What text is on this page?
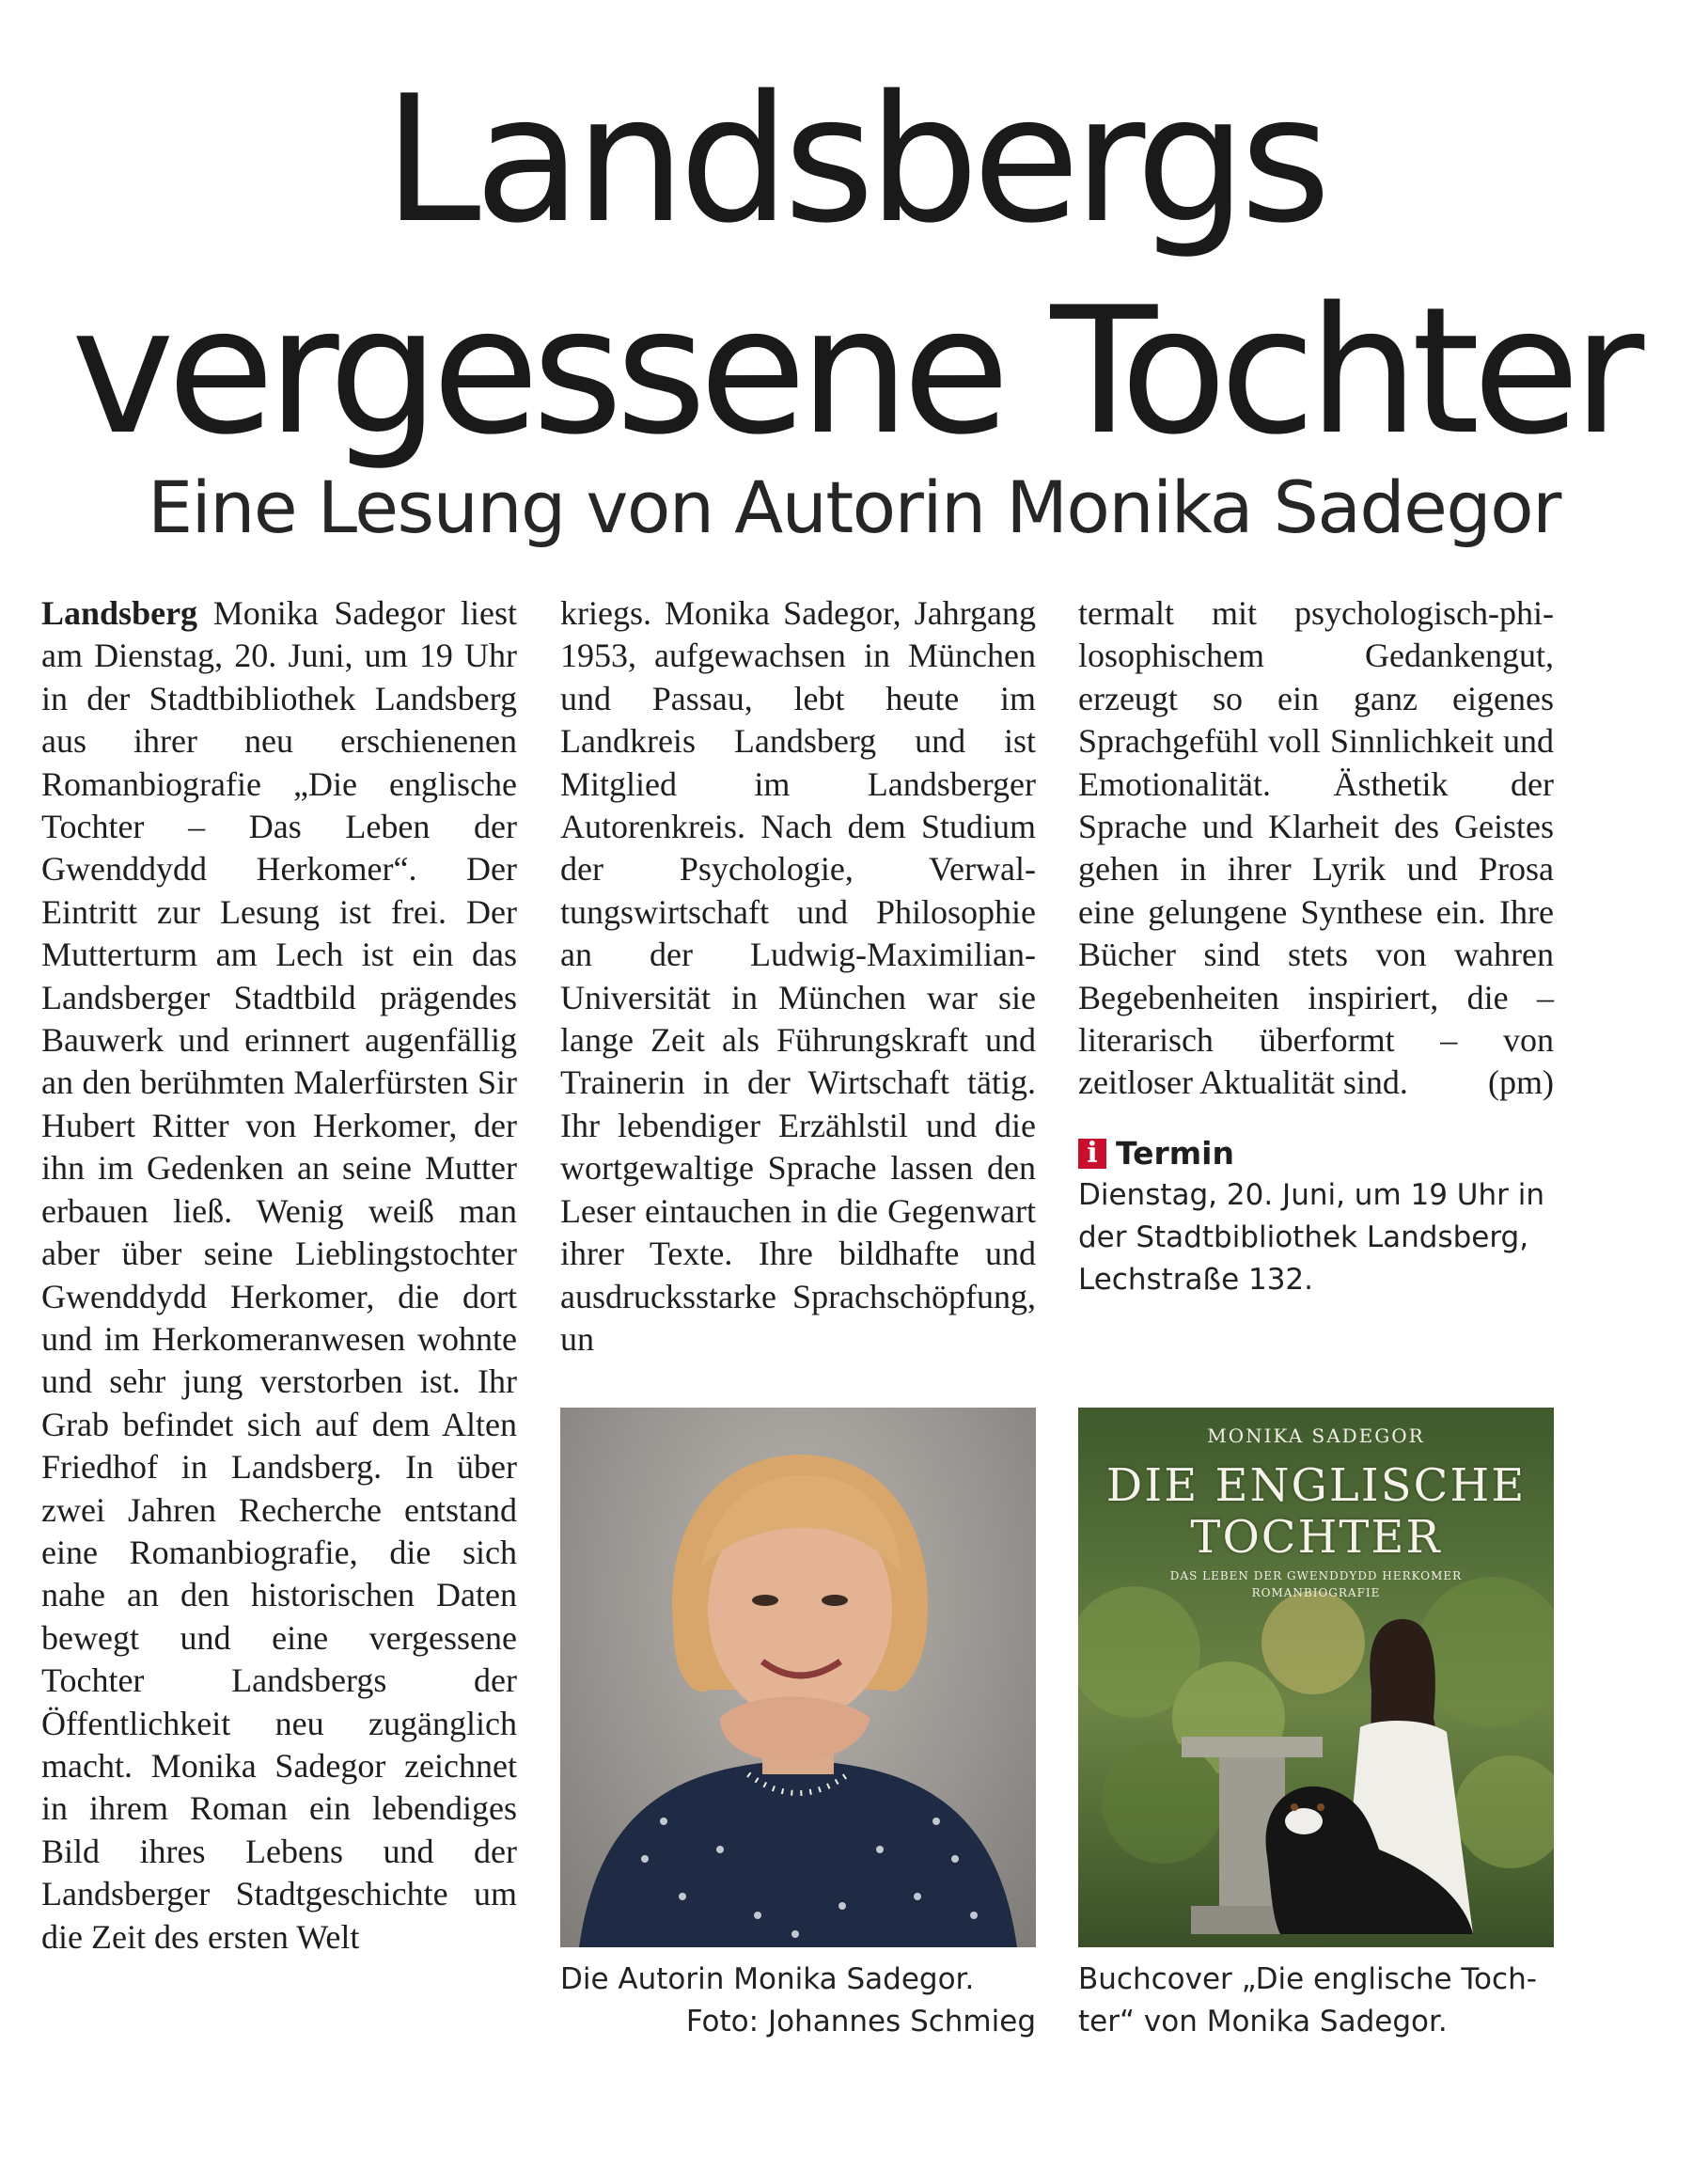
Landsbergs
vergessene Tochter
Eine Lesung von Autorin Monika Sadegor

Landsberg Monika Sadegor liest am Dienstag, 20. Juni, um 19 Uhr in der Stadtbibliothek Landsberg aus ihrer neu erschienenen Romanbiografie „Die englische Tochter – Das Leben der Gwenddydd Herkomer“. Der Eintritt zur Lesung ist frei. Der Mutterturm am Lech ist ein das Landsberger Stadtbild prägendes Bauwerk und erinnert augenfällig an den berühmten Malerfürsten Sir Hubert Ritter von Herkomer, der ihn im Gedenken an seine Mutter erbauen ließ. Wenig weiß man aber über seine Lieblingstochter Gwenddydd Herkomer, die dort und im Herkomeranwesen wohnte und sehr jung verstorben ist. Ihr Grab befindet sich auf dem Alten Friedhof in Landsberg. In über zwei Jahren Recherche entstand eine Romanbiografie, die sich nahe an den historischen Daten bewegt und eine vergessene Tochter Landsbergs der Öffentlichkeit neu zugänglich macht. Monika Sadegor zeichnet in ihrem Roman ein lebendiges Bild ihres Lebens und der Landsberger Stadtgeschichte um die Zeit des ersten Welt

kriegs. Monika Sadegor, Jahrgang 1953, aufgewachsen in München und Passau, lebt heute im Landkreis Landsberg und ist Mitglied im Landsberger Autorenkreis. Nach dem Studium der Psychologie, Verwaltungswirtschaft und Philosophie an der Ludwig-Maximilian-Universität in München war sie lange Zeit als Führungskraft und Trainerin in der Wirtschaft tätig. Ihr lebendiger Erzählstil und die wortgewaltige Sprache lassen den Leser eintauchen in die Gegenwart ihrer Texte. Ihre bildhafte und ausdrucksstarke Sprachschöpfung, un

termalt mit psychologisch-philosophischem Gedankengut, erzeugt so ein ganz eigenes Sprachgefühl voll Sinnlichkeit und Emotionalität. Ästhetik der Sprache und Klarheit des Geistes gehen in ihrer Lyrik und Prosa eine gelungene Synthese ein. Ihre Bücher sind stets von wahren Begebenheiten inspiriert, die – literarisch überformt – von zeitloser Aktualität sind. (pm)

i Termin
Dienstag, 20. Juni, um 19 Uhr in
der Stadtbibliothek Landsberg,
Lechstraße 132.
MONIKA SADEGOR
DIE ENGLISCHE
TOCHTER
DAS LEBEN DER GWENDDYDD HERKOMER
ROMANBIOGRAFIE
Die Autorin Monika Sadegor.
Foto: Johannes Schmieg
Buchcover „Die englische Toch-
ter“ von Monika Sadegor.
